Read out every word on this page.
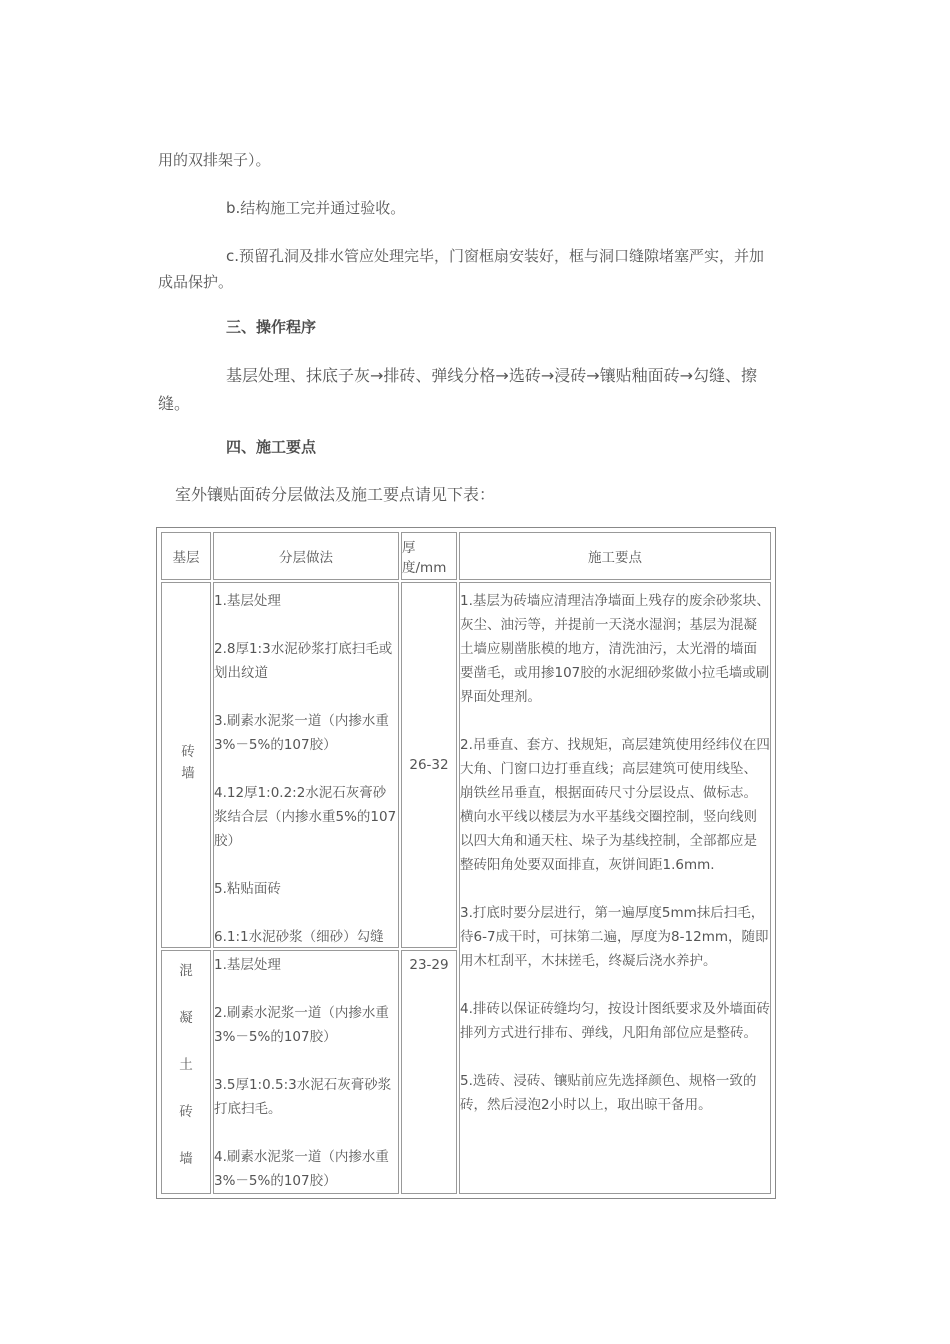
用的双排架子）。

b.结构施工完并通过验收。

c.预留孔洞及排水管应处理完毕，门窗框扇安装好，框与洞口缝隙堵塞严实，并加成品保护。

三、操作程序

基层处理、抹底子灰→排砖、弹线分格→选砖→浸砖→镶贴釉面砖→勾缝、擦缝。

四、施工要点

室外镶贴面砖分层做法及施工要点请见下表：

基层	分层做法
厚度/mm
施工要点
砖墙

1.基层处理

2.8厚1:3水泥砂浆打底扫毛或划出纹道

3.刷素水泥浆一道（内掺水重3%－5%的107胶）

4.12厚1:0.2:2水泥石灰膏砂浆结合层（内掺水重5%的107胶）

5.粘贴面砖

6.1:1水泥砂浆（细砂）勾缝

26-32
混
凝
土
砖
墙

1.基层处理

2.刷素水泥浆一道（内掺水重3%－5%的107胶）

3.5厚1:0.5:3水泥石灰膏砂浆打底扫毛。

4.刷素水泥浆一道（内掺水重3%－5%的107胶）

23-29

1.基层为砖墙应清理洁净墙面上残存的废余砂浆块、灰尘、油污等，并提前一天浇水湿润；基层为混凝土墙应剔凿胀模的地方，清洗油污，太光滑的墙面要凿毛，或用掺107胶的水泥细砂浆做小拉毛墙或刷界面处理剂。

2.吊垂直、套方、找规矩，高层建筑使用经纬仪在四大角、门窗口边打垂直线；高层建筑可使用线坠、崩铁丝吊垂直，根据面砖尺寸分层设点、做标志。横向水平线以楼层为水平基线交圈控制，竖向线则以四大角和通天柱、垛子为基线控制，全部都应是整砖阳角处要双面排直，灰饼间距1.6mm.

3.打底时要分层进行，第一遍厚度5mm抹后扫毛，待6-7成干时，可抹第二遍，厚度为8-12mm，随即用木杠刮平，木抹搓毛，终凝后浇水养护。

4.排砖以保证砖缝均匀，按设计图纸要求及外墙面砖排列方式进行排布、弹线，凡阳角部位应是整砖。

5.选砖、浸砖、镶贴前应先选择颜色、规格一致的砖，然后浸泡2小时以上，取出晾干备用。
